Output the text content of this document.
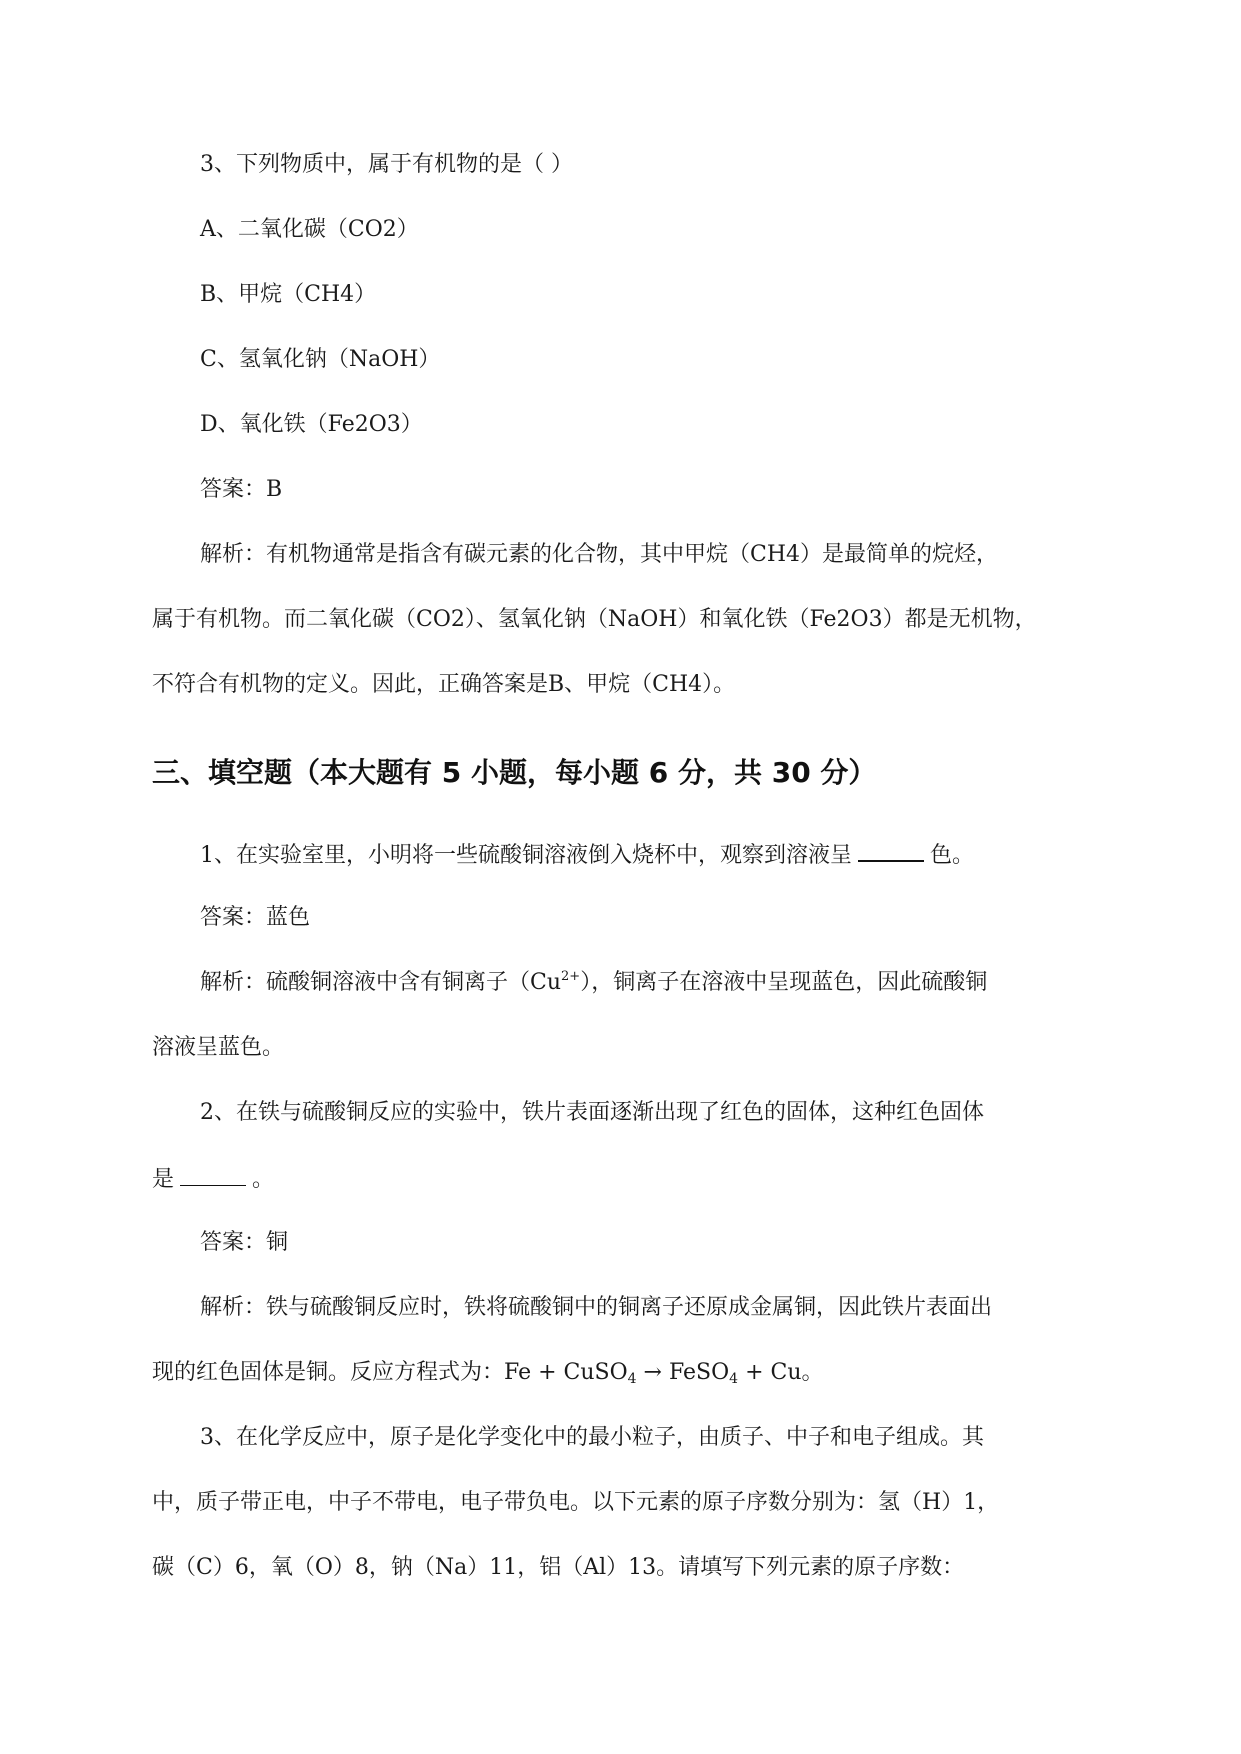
3、下列物质中，属于有机物的是（ ）
A、二氧化碳（CO2）
B、甲烷（CH4）
C、氢氧化钠（NaOH）
D、氧化铁（Fe2O3）
答案：B
解析：有机物通常是指含有碳元素的化合物，其中甲烷（CH4）是最简单的烷烃，
属于有机物。而二氧化碳（CO2）、氢氧化钠（NaOH）和氧化铁（Fe2O3）都是无机物，
不符合有机物的定义。因此，正确答案是B、甲烷（CH4）。
三、填空题（本大题有 5 小题，每小题 6 分，共 30 分）
1、在实验室里，小明将一些硫酸铜溶液倒入烧杯中，观察到溶液呈	色。
答案：蓝色
解析：硫酸铜溶液中含有铜离子$(Cu^{2+})$，铜离子在溶液中呈现蓝色，因此硫酸铜
溶液呈蓝色。
2、在铁与硫酸铜反应的实验中，铁片表面逐渐出现了红色的固体，这种红色固体
是	。
答案：铜
解析：铁与硫酸铜反应时，铁将硫酸铜中的铜离子还原成金属铜，因此铁片表面出
现的红色固体是铜。反应方程式为：Fe + CuSO$_4$ → FeSO$_4$ + Cu。
3、在化学反应中，原子是化学变化中的最小粒子，由质子、中子和电子组成。其
中，质子带正电，中子不带电，电子带负电。以下元素的原子序数分别为：氢（H）1，
碳（C）6，氧（O）8，钠（Na）11，铝（Al）13。请填写下列元素的原子序数：
